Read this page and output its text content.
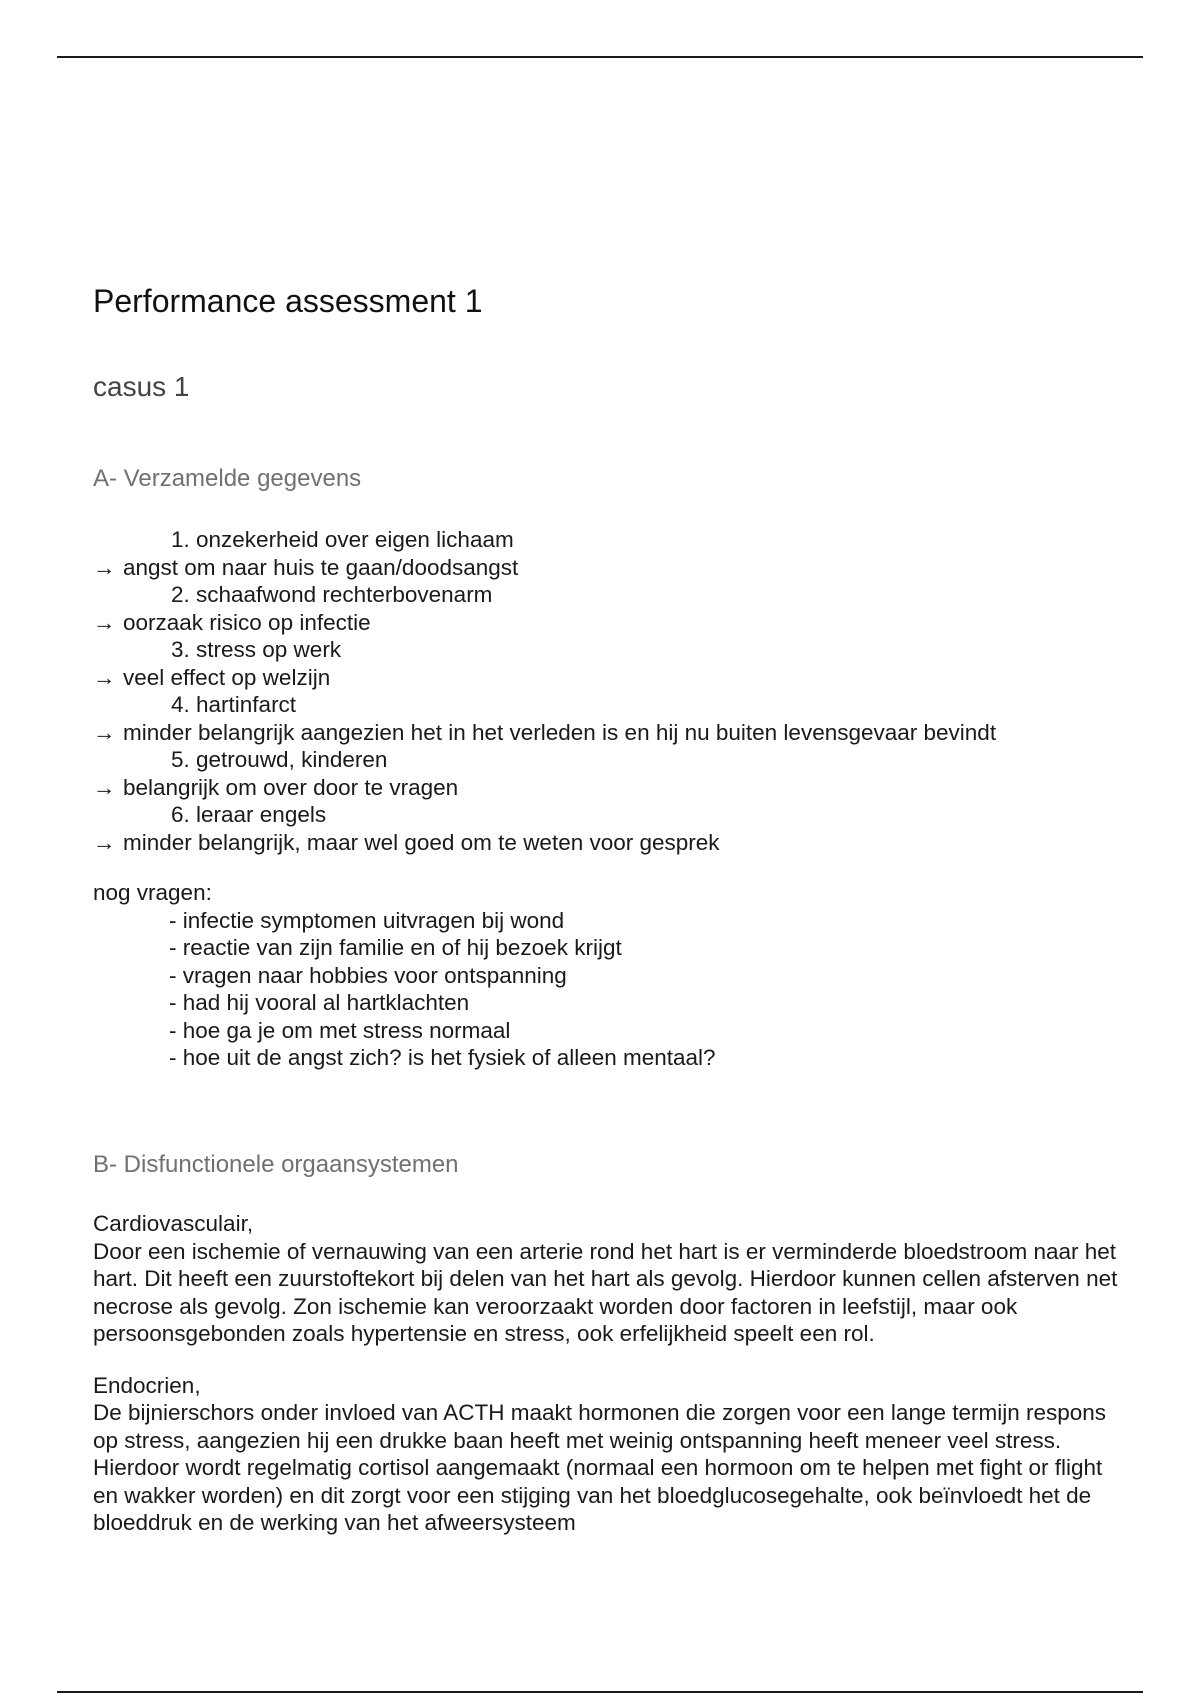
Performance assessment 1
casus 1
A- Verzamelde gegevens
1. onzekerheid over eigen lichaam
→ angst om naar huis te gaan/doodsangst
2. schaafwond rechterbovenarm
→ oorzaak risico op infectie
3. stress op werk
→ veel effect op welzijn
4. hartinfarct
→ minder belangrijk aangezien het in het verleden is en hij nu buiten levensgevaar bevindt
5. getrouwd, kinderen
→ belangrijk om over door te vragen
6. leraar engels
→ minder belangrijk, maar wel goed om te weten voor gesprek
nog vragen:
- infectie symptomen uitvragen bij wond
- reactie van zijn familie en of hij bezoek krijgt
- vragen naar hobbies voor ontspanning
- had hij vooral al hartklachten
- hoe ga je om met stress normaal
- hoe uit de angst zich? is het fysiek of alleen mentaal?
B- Disfunctionele orgaansystemen
Cardiovasculair,

Door een ischemie of vernauwing van een arterie rond het hart is er verminderde bloedstroom naar het hart. Dit heeft een zuurstoftekort bij delen van het hart als gevolg. Hierdoor kunnen cellen afsterven net necrose als gevolg. Zon ischemie kan veroorzaakt worden door factoren in leefstijl, maar ook persoonsgebonden zoals hypertensie en stress, ook erfelijkheid speelt een rol.

Endocrien,

De bijnierschors onder invloed van ACTH maakt hormonen die zorgen voor een lange termijn respons op stress, aangezien hij een drukke baan heeft met weinig ontspanning heeft meneer veel stress. Hierdoor wordt regelmatig cortisol aangemaakt (normaal een hormoon om te helpen met fight or flight en wakker worden) en dit zorgt voor een stijging van het bloedglucosegehalte, ook beïnvloedt het de bloeddruk en de werking van het afweersysteem
